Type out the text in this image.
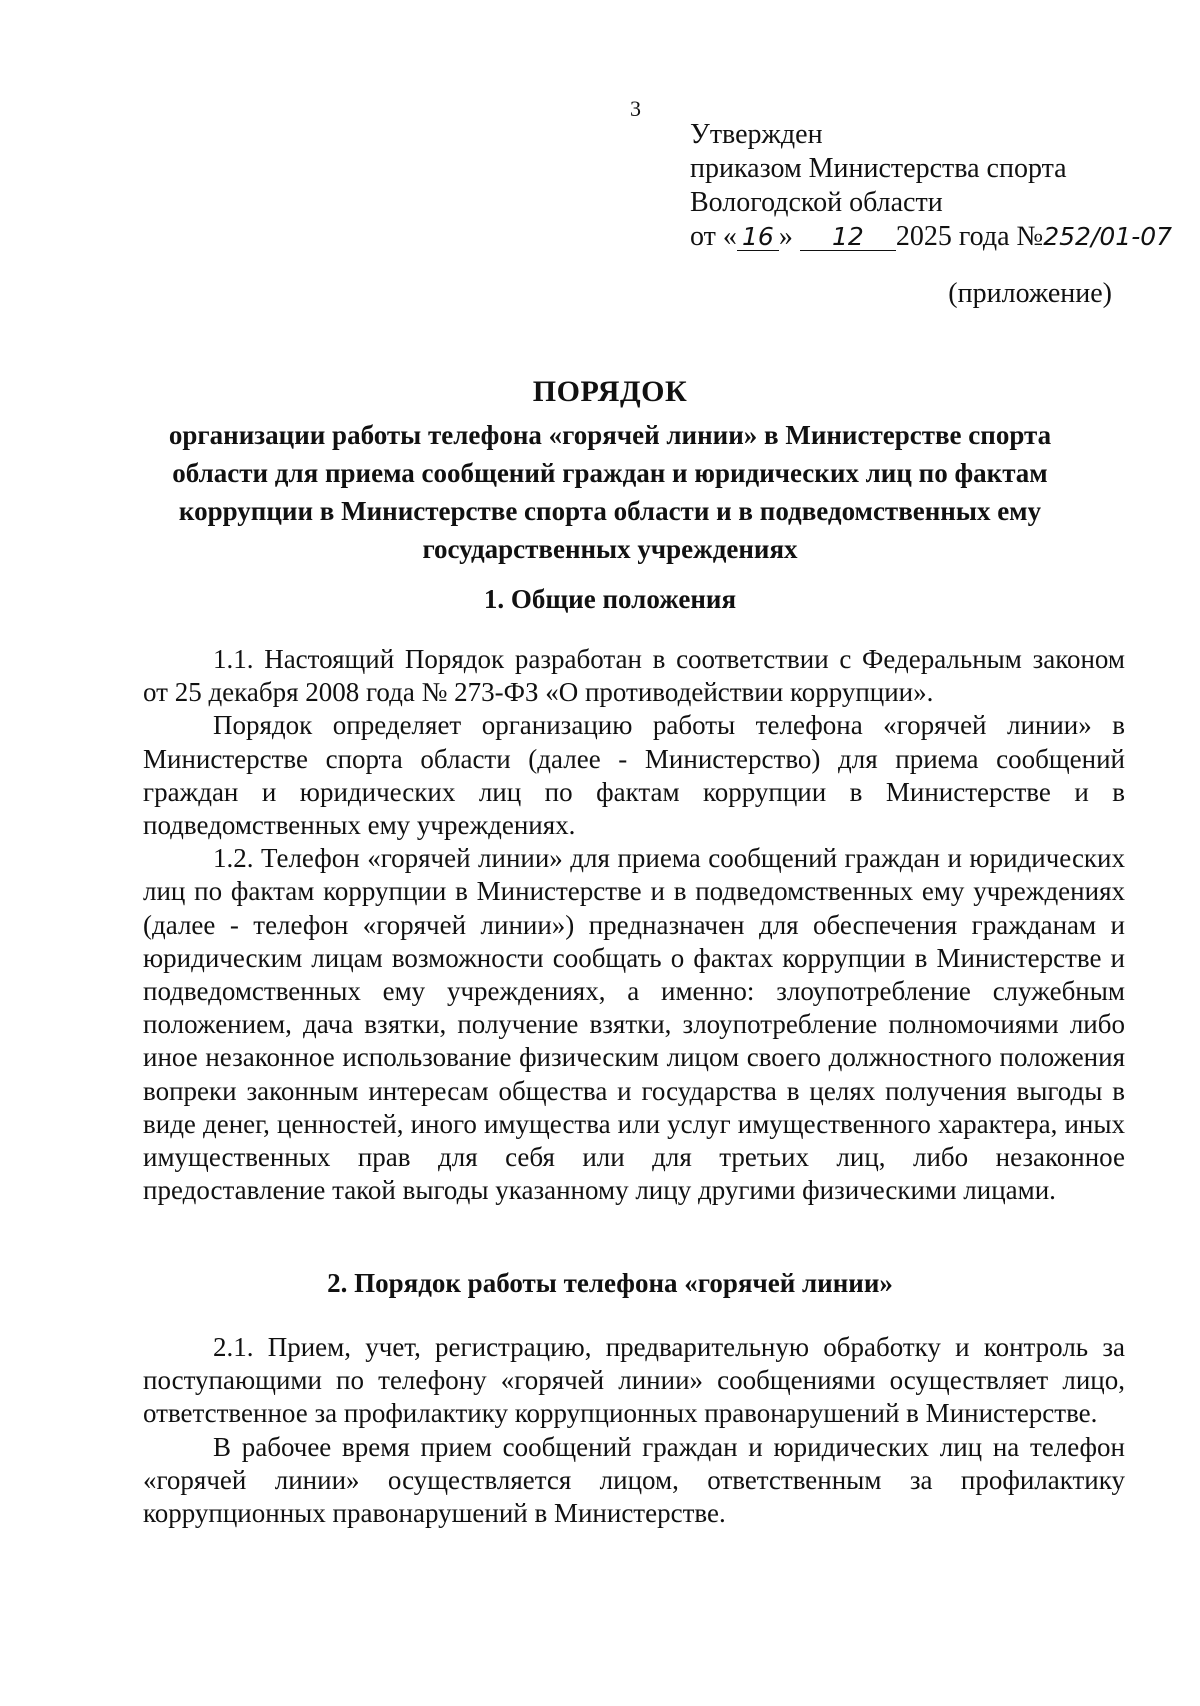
3
Утвержден
приказом Министерства спорта
Вологодской области
от « 16 » 12 2025 года №252/01-07
(приложение)
ПОРЯДОК
организации работы телефона «горячей линии» в Министерстве спорта области для приема сообщений граждан и юридических лиц по фактам коррупции в Министерстве спорта области и в подведомственных ему государственных учреждениях
1. Общие положения

1.1. Настоящий Порядок разработан в соответствии с Федеральным законом от 25 декабря 2008 года № 273-ФЗ «О противодействии коррупции».

Порядок определяет организацию работы телефона «горячей линии» в Министерстве спорта области (далее - Министерство) для приема сообщений граждан и юридических лиц по фактам коррупции в Министерстве и в подведомственных ему учреждениях.

1.2. Телефон «горячей линии» для приема сообщений граждан и юридических лиц по фактам коррупции в Министерстве и в подведомственных ему учреждениях (далее - телефон «горячей линии») предназначен для обеспечения гражданам и юридическим лицам возможности сообщать о фактах коррупции в Министерстве и подведомственных ему учреждениях, а именно: злоупотребление служебным положением, дача взятки, получение взятки, злоупотребление полномочиями либо иное незаконное использование физическим лицом своего должностного положения вопреки законным интересам общества и государства в целях получения выгоды в виде денег, ценностей, иного имущества или услуг имущественного характера, иных имущественных прав для себя или для третьих лиц, либо незаконное предоставление такой выгоды указанному лицу другими физическими лицами.

2. Порядок работы телефона «горячей линии»

2.1. Прием, учет, регистрацию, предварительную обработку и контроль за поступающими по телефону «горячей линии» сообщениями осуществляет лицо, ответственное за профилактику коррупционных правонарушений в Министерстве.

В рабочее время прием сообщений граждан и юридических лиц на телефон «горячей линии» осуществляется лицом, ответственным за профилактику коррупционных правонарушений в Министерстве.
